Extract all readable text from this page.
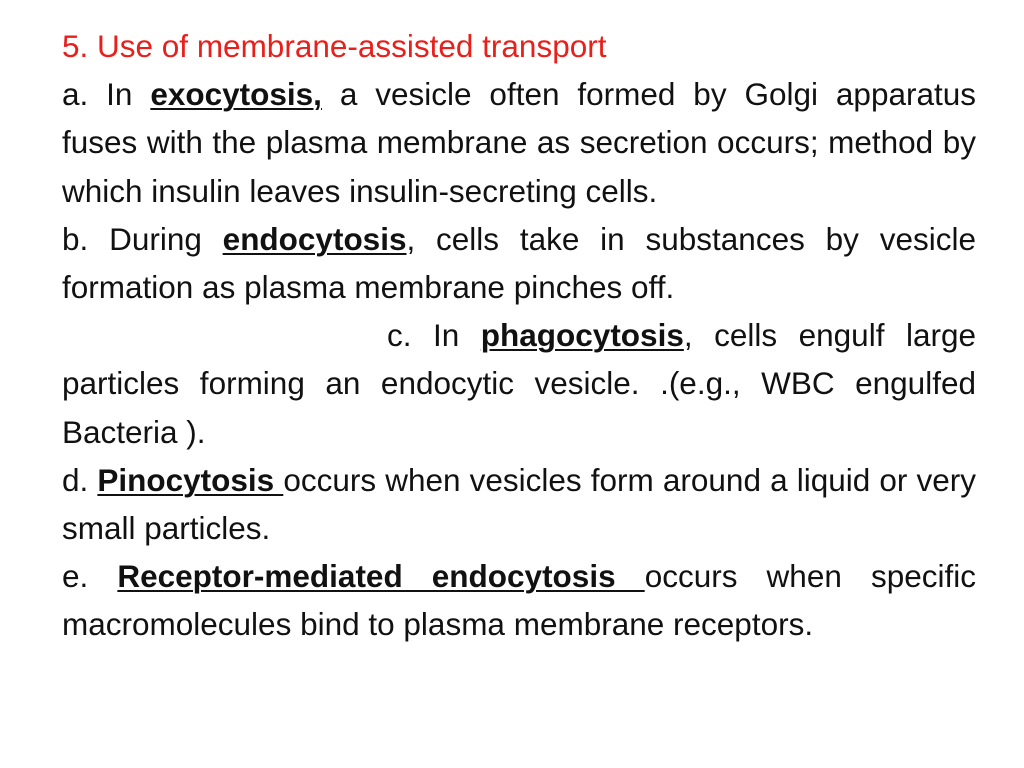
5. Use of membrane-assisted transport

a. In exocytosis, a vesicle often formed by Golgi apparatus fuses with the plasma membrane as secretion occurs; method by which insulin leaves insulin-secreting cells.

b. During endocytosis, cells take in substances by vesicle formation as plasma membrane pinches off.

c. In phagocytosis, cells engulf large particles forming an endocytic vesicle. .(e.g., WBC engulfed Bacteria ).

d. Pinocytosis occurs when vesicles form around a liquid or very small particles.

e. Receptor-mediated endocytosis occurs when specific macromolecules bind to plasma membrane receptors.
